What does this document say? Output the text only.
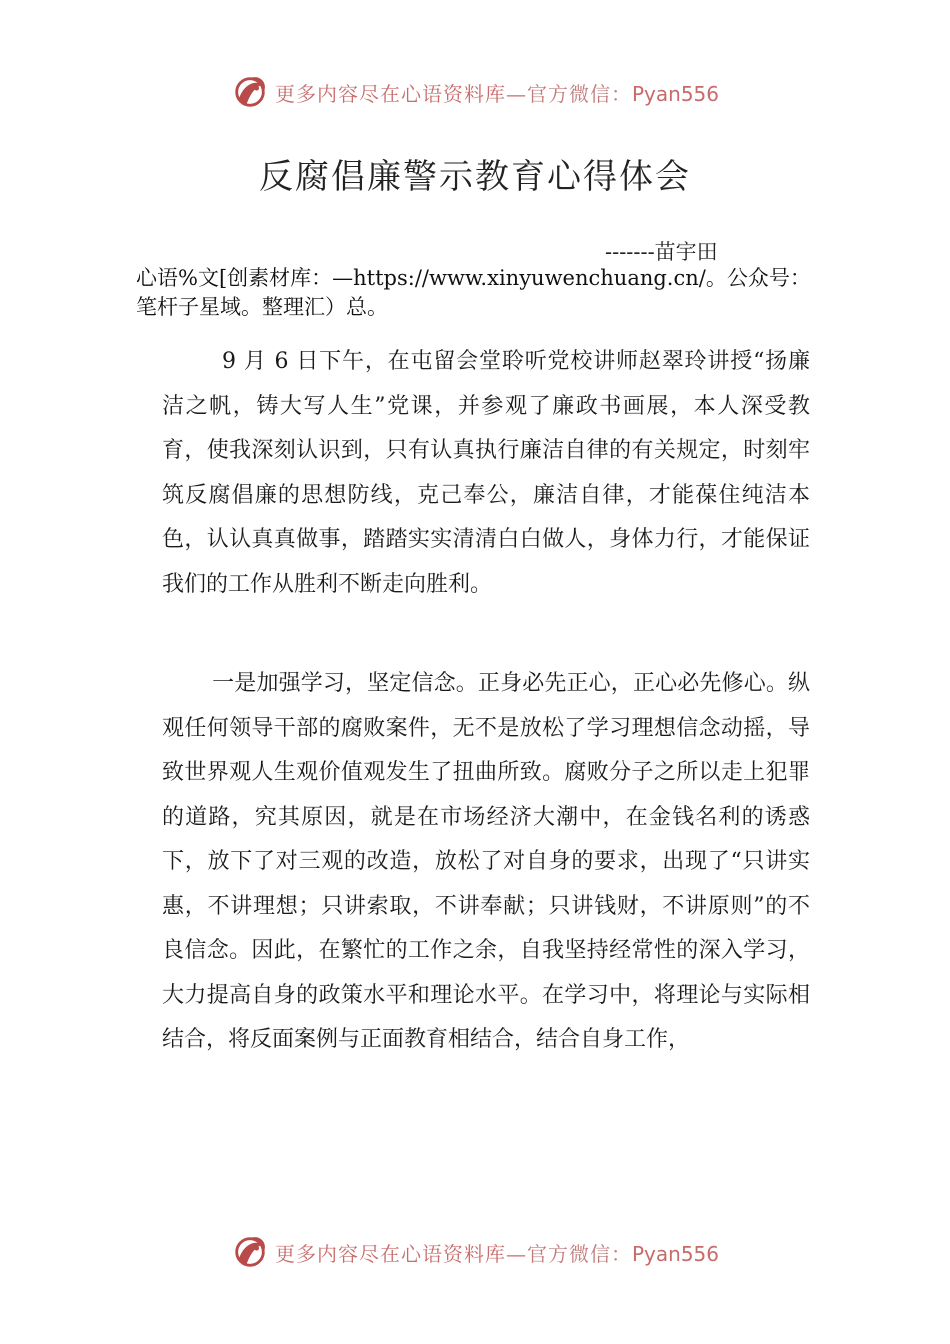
更多内容尽在心语资料库—官方微信：Pyan556
反腐倡廉警示教育心得体会
-------苗宇田
心语%文[创素材库：—https://www.xinyuwenchuang.cn/。公众号：笔杆子星域。整理汇）总。

9 月 6 日下午，在屯留会堂聆听党校讲师赵翠玲讲授“扬廉洁之帆，铸大写人生”党课，并参观了廉政书画展，本人深受教育，使我深刻认识到，只有认真执行廉洁自律的有关规定，时刻牢筑反腐倡廉的思想防线，克己奉公，廉洁自律，才能葆住纯洁本色，认认真真做事，踏踏实实清清白白做人，身体力行，才能保证我们的工作从胜利不断走向胜利。

一是加强学习，坚定信念。正身必先正心，正心必先修心。纵观任何领导干部的腐败案件，无不是放松了学习理想信念动摇，导致世界观人生观价值观发生了扭曲所致。腐败分子之所以走上犯罪的道路，究其原因，就是在市场经济大潮中，在金钱名利的诱惑下，放下了对三观的改造，放松了对自身的要求，出现了“只讲实惠，不讲理想；只讲索取，不讲奉献；只讲钱财，不讲原则”的不良信念。因此，在繁忙的工作之余，自我坚持经常性的深入学习，大力提高自身的政策水平和理论水平。在学习中，将理论与实际相结合，将反面案例与正面教育相结合，结合自身工作，

更多内容尽在心语资料库—官方微信：Pyan556
